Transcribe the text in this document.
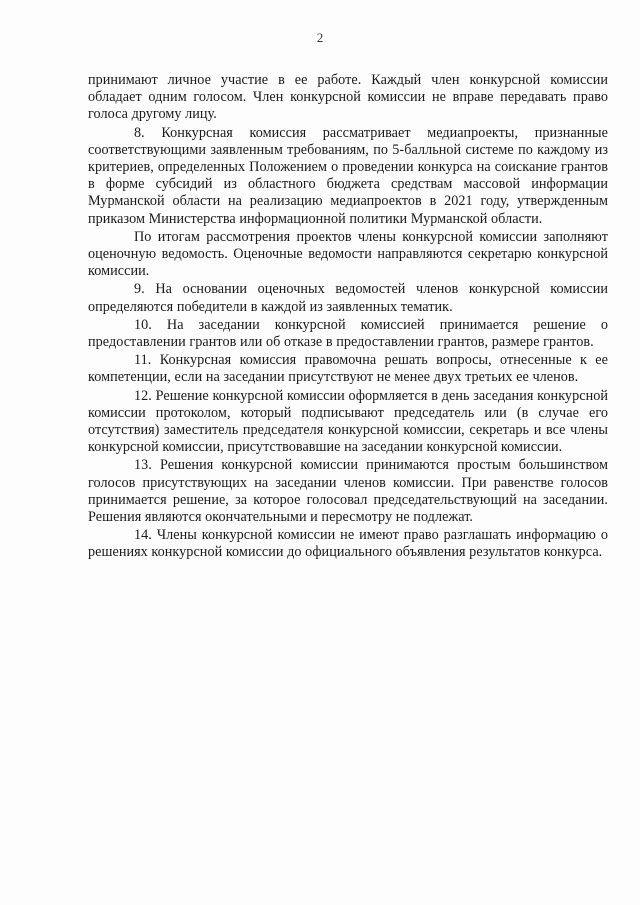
2

принимают личное участие в ее работе. Каждый член конкурсной комиссии обладает одним голосом. Член конкурсной комиссии не вправе передавать право голоса другому лицу.

8. Конкурсная комиссия рассматривает медиапроекты, признанные соответствующими заявленным требованиям, по 5-балльной системе по каждому из критериев, определенных Положением о проведении конкурса на соискание грантов в форме субсидий из областного бюджета средствам массовой информации Мурманской области на реализацию медиапроектов в 2021 году, утвержденным приказом Министерства информационной политики Мурманской области.

По итогам рассмотрения проектов члены конкурсной комиссии заполняют оценочную ведомость. Оценочные ведомости направляются секретарю конкурсной комиссии.

9. На основании оценочных ведомостей членов конкурсной комиссии определяются победители в каждой из заявленных тематик.

10. На заседании конкурсной комиссией принимается решение о предоставлении грантов или об отказе в предоставлении грантов, размере грантов.

11. Конкурсная комиссия правомочна решать вопросы, отнесенные к ее компетенции, если на заседании присутствуют не менее двух третьих ее членов.

12. Решение конкурсной комиссии оформляется в день заседания конкурсной комиссии протоколом, который подписывают председатель или (в случае его отсутствия) заместитель председателя конкурсной комиссии, секретарь и все члены конкурсной комиссии, присутствовавшие на заседании конкурсной комиссии.

13. Решения конкурсной комиссии принимаются простым большинством голосов присутствующих на заседании членов комиссии. При равенстве голосов принимается решение, за которое голосовал председательствующий на заседании. Решения являются окончательными и пересмотру не подлежат.

14. Члены конкурсной комиссии не имеют право разглашать информацию о решениях конкурсной комиссии до официального объявления результатов конкурса.
